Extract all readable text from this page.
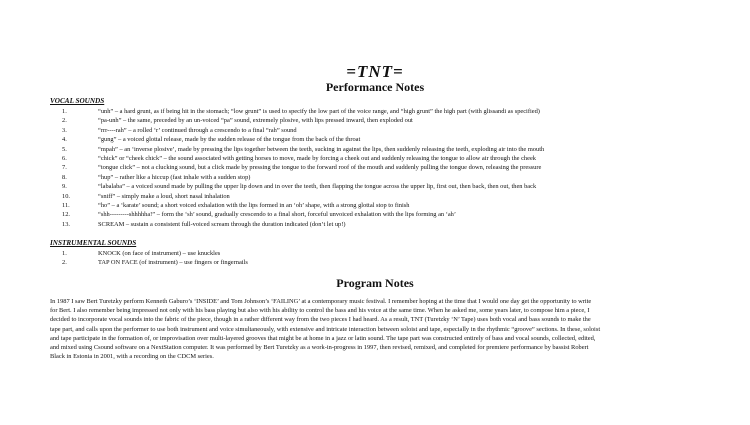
=TNT=
Performance Notes
VOCAL SOUNDS
1.	“unh” – a hard grunt, as if being hit in the stomach; “low grunt” is used to specify the low part of the voice range, and “high grunt” the high part (with glissandi as specified)
2.	“pa-unh” – the same, preceded by an un-voiced “pa” sound, extremely plosive, with lips pressed inward, then exploded out
3.	“rrr----rah” – a rolled ‘r’ continued through a crescendo to a final “rah” sound
4.	“gung” – a voiced glottal release, made by the sudden release of the tongue from the back of the throat
5.	“mpah” – an ‘inverse plosive’, made by pressing the lips together between the teeth, sucking in against the lips, then suddenly releasing the teeth, exploding air into the mouth
6.	“chick” or “cheek chick” – the sound associated with getting horses to move, made by forcing a cheek out and suddenly releasing the tongue to allow air through the cheek
7.	“tongue click” – not a clucking sound, but a click made by pressing the tongue to the forward roof of the mouth and suddenly pulling the tongue down, releasing the pressure
8.	“hup” – rather like a hiccup (fast inhale with a sudden stop)
9.	“labalaba” – a voiced sound made by pulling the upper lip down and in over the teeth, then flapping the tongue across the upper lip, first out, then back, then out, then back
10.	“sniff” – simply make a loud, short nasal inhalation
11.	“ho” – a ‘karate’ sound; a short voiced exhalation with the lips formed in an ‘oh’ shape, with a strong glottal stop to finish
12.	“shh---------shhhhha!” – form the ‘sh’ sound, gradually crescendo to a final short, forceful unvoiced exhalation with the lips forming an ‘ah’
13.	SCREAM – sustain a consistent full-voiced scream through the duration indicated (don’t let up!)
INSTRUMENTAL SOUNDS
1.	KNOCK (on face of instrument) – use knuckles
2.	TAP ON FACE (of instrument) – use fingers or fingernails
Program Notes
In 1987 I saw Bert Turetzky perform Kenneth Gaburo’s ‘INSIDE’ and Tom Johnson’s ‘FAILING’ at a contemporary music festival. I remember hoping at the time that I would one day get the opportunity to write
for Bert. I also remember being impressed not only with his bass playing but also with his ability to control the bass and his voice at the same time. When he asked me, some years later, to compose him a piece, I
decided to incorporate vocal sounds into the fabric of the piece, though in a rather different way from the two pieces I had heard. As a result, TNT (Turetzky ‘N’ Tape) uses both vocal and bass sounds to make the
tape part, and calls upon the performer to use both instrument and voice simultaneously, with extensive and intricate interaction between soloist and tape, especially in the rhythmic “groove” sections. In these, soloist
and tape participate in the formation of, or improvisation over multi-layered grooves that might be at home in a jazz or latin sound. The tape part was constructed entirely of bass and vocal sounds, collected, edited,
and mixed using Csound software on a NextStation computer. It was performed by Bert Turetzky as a work-in-progress in 1997, then revised, remixed, and completed for premiere performance by bassist Robert
Black in Estonia in 2001, with a recording on the CDCM series.
